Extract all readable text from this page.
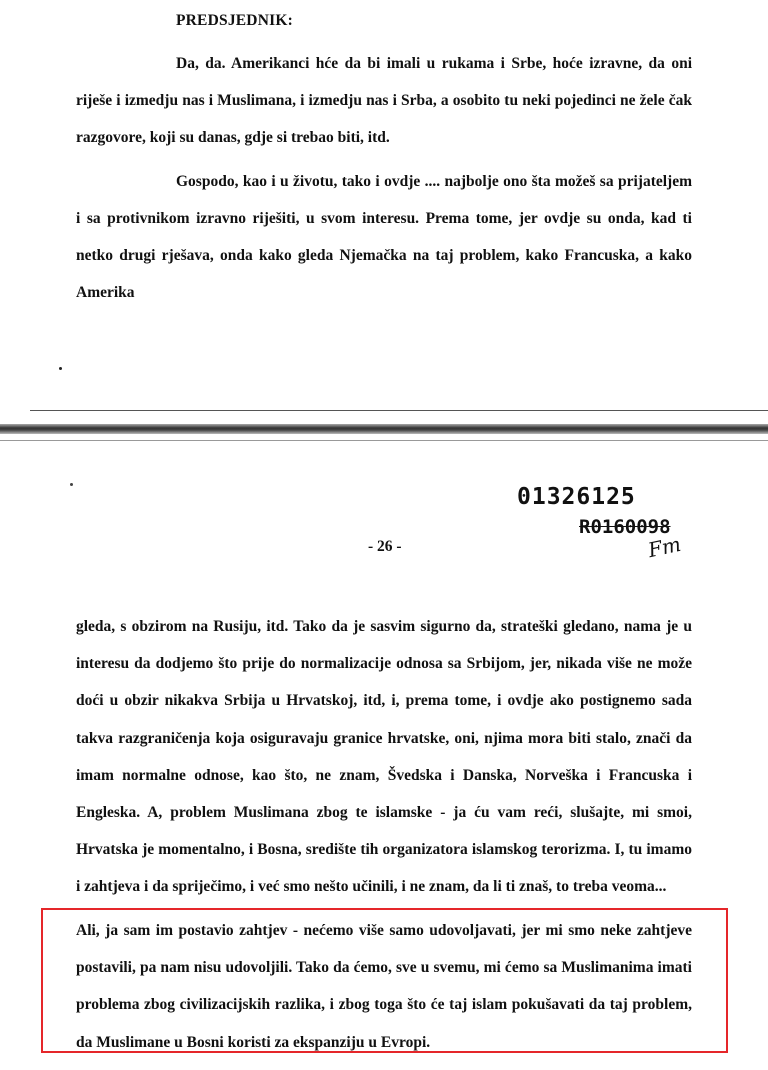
PREDSJEDNIK:

Da, da. Amerikanci hće da bi imali u rukama i Srbe, hoće izravne, da oni riješe i izmedju nas i Muslimana, i izmedju nas i Srba, a osobito tu neki pojedinci ne žele čak razgovore, koji su danas, gdje si trebao biti, itd.

Gospodo, kao i u životu, tako i ovdje .... najbolje ono šta možeš sa prijateljem i sa protivnikom izravno riješiti, u svom interesu. Prema tome, jer ovdje su onda, kad ti netko drugi rješava, onda kako gleda Njemačka na taj problem, kako Francuska, a kako Amerika

01326125
R0160098
Fm
- 26 -

gleda, s obzirom na Rusiju, itd. Tako da je sasvim sigurno da, strateški gledano, nama je u interesu da dodjemo što prije do normalizacije odnosa sa Srbijom, jer, nikada više ne može doći u obzir nikakva Srbija u Hrvatskoj, itd, i, prema tome, i ovdje ako postignemo sada takva razgraničenja koja osiguravaju granice hrvatske, oni, njima mora biti stalo, znači da imam normalne odnose, kao što, ne znam, Švedska i Danska, Norveška i Francuska i Engleska. A, problem Muslimana zbog te islamske - ja ću vam reći, slušajte, mi smoi, Hrvatska je momentalno, i Bosna, središte tih organizatora islamskog terorizma. I, tu imamo i zahtjeva i da spriječimo, i već smo nešto učinili, i ne znam, da li ti znaš, to treba veoma...

Ali, ja sam im postavio zahtjev - nećemo više samo udovoljavati, jer mi smo neke zahtjeve postavili, pa nam nisu udovoljili. Tako da ćemo, sve u svemu, mi ćemo sa Muslimanima imati problema zbog civilizacijskih razlika, i zbog toga što će taj islam pokušavati da taj problem, da Muslimane u Bosni koristi za ekspanziju u Evropi.
